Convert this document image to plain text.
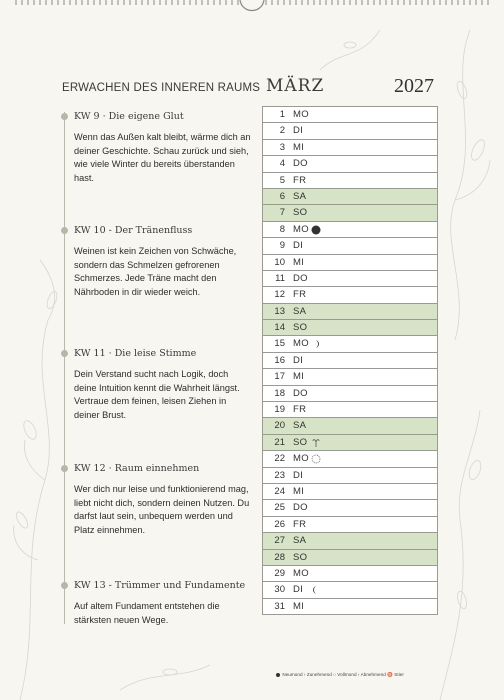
ERWACHEN DES INNEREN RAUMS
KW 9 · Die eigene Glut
Wenn das Außen kalt bleibt, wärme dich an deiner Geschichte. Schau zurück und sieh, wie viele Winter du bereits überstanden hast.
KW 10 - Der Tränenfluss
Weinen ist kein Zeichen von Schwäche, sondern das Schmelzen gefrorenen Schmerzes. Jede Träne macht den Nährboden in dir wieder weich.
KW 11 · Die leise Stimme
Dein Verstand sucht nach Logik, doch deine Intuition kennt die Wahrheit längst. Vertraue dem feinen, leisen Ziehen in deiner Brust.
KW 12 · Raum einnehmen
Wer dich nur leise und funktionierend mag, liebt nicht dich, sondern deinen Nutzen. Du darfst laut sein, unbequem werden und Platz einnehmen.
KW 13 - Trümmer und Fundamente
Auf altem Fundament entstehen die stärksten neuen Wege.
MÄRZ	2027
1 MO
2 DI
3 MI
4 DO
5 FR
6 SA
7 SO
8 MO
9 DI
10 MI
11 DO
12 FR
13 SA
14 SO
15 MO
16 DI
17 MI
18 DO
19 FR
20 SA
21 SO
22 MO
23 DI
24 MI
25 DO
26 FR
27 SA
28 SO
29 MO
30 DI
31 MI
Neumond › Zunehmend ○ Vollmond ‹ Abnehmend ♉ Stier
